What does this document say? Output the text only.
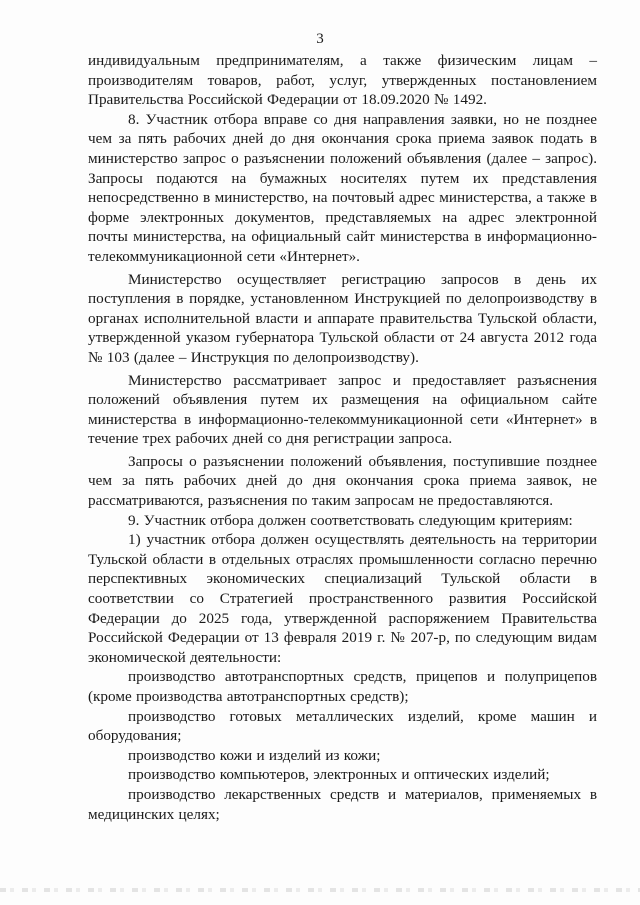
3

индивидуальным предпринимателям, а также физическим лицам – производителям товаров, работ, услуг, утвержденных постановлением Правительства Российской Федерации от 18.09.2020 № 1492.

8. Участник отбора вправе со дня направления заявки, но не позднее чем за пять рабочих дней до дня окончания срока приема заявок подать в министерство запрос о разъяснении положений объявления (далее – запрос). Запросы подаются на бумажных носителях путем их представления непосредственно в министерство, на почтовый адрес министерства, а также в форме электронных документов, представляемых на адрес электронной почты министерства, на официальный сайт министерства в информационно-телекоммуникационной сети «Интернет».

Министерство осуществляет регистрацию запросов в день их поступления в порядке, установленном Инструкцией по делопроизводству в органах исполнительной власти и аппарате правительства Тульской области, утвержденной указом губернатора Тульской области от 24 августа 2012 года № 103 (далее – Инструкция по делопроизводству).

Министерство рассматривает запрос и предоставляет разъяснения положений объявления путем их размещения на официальном сайте министерства в информационно-телекоммуникационной сети «Интернет» в течение трех рабочих дней со дня регистрации запроса.

Запросы о разъяснении положений объявления, поступившие позднее чем за пять рабочих дней до дня окончания срока приема заявок, не рассматриваются, разъяснения по таким запросам не предоставляются.

9. Участник отбора должен соответствовать следующим критериям:

1) участник отбора должен осуществлять деятельность на территории Тульской области в отдельных отраслях промышленности согласно перечню перспективных экономических специализаций Тульской области в соответствии со Стратегией пространственного развития Российской Федерации до 2025 года, утвержденной распоряжением Правительства Российской Федерации от 13 февраля 2019 г. № 207-р, по следующим видам экономической деятельности:

производство автотранспортных средств, прицепов и полуприцепов (кроме производства автотранспортных средств);

производство готовых металлических изделий, кроме машин и оборудования;

производство кожи и изделий из кожи;

производство компьютеров, электронных и оптических изделий;

производство лекарственных средств и материалов, применяемых в медицинских целях;
